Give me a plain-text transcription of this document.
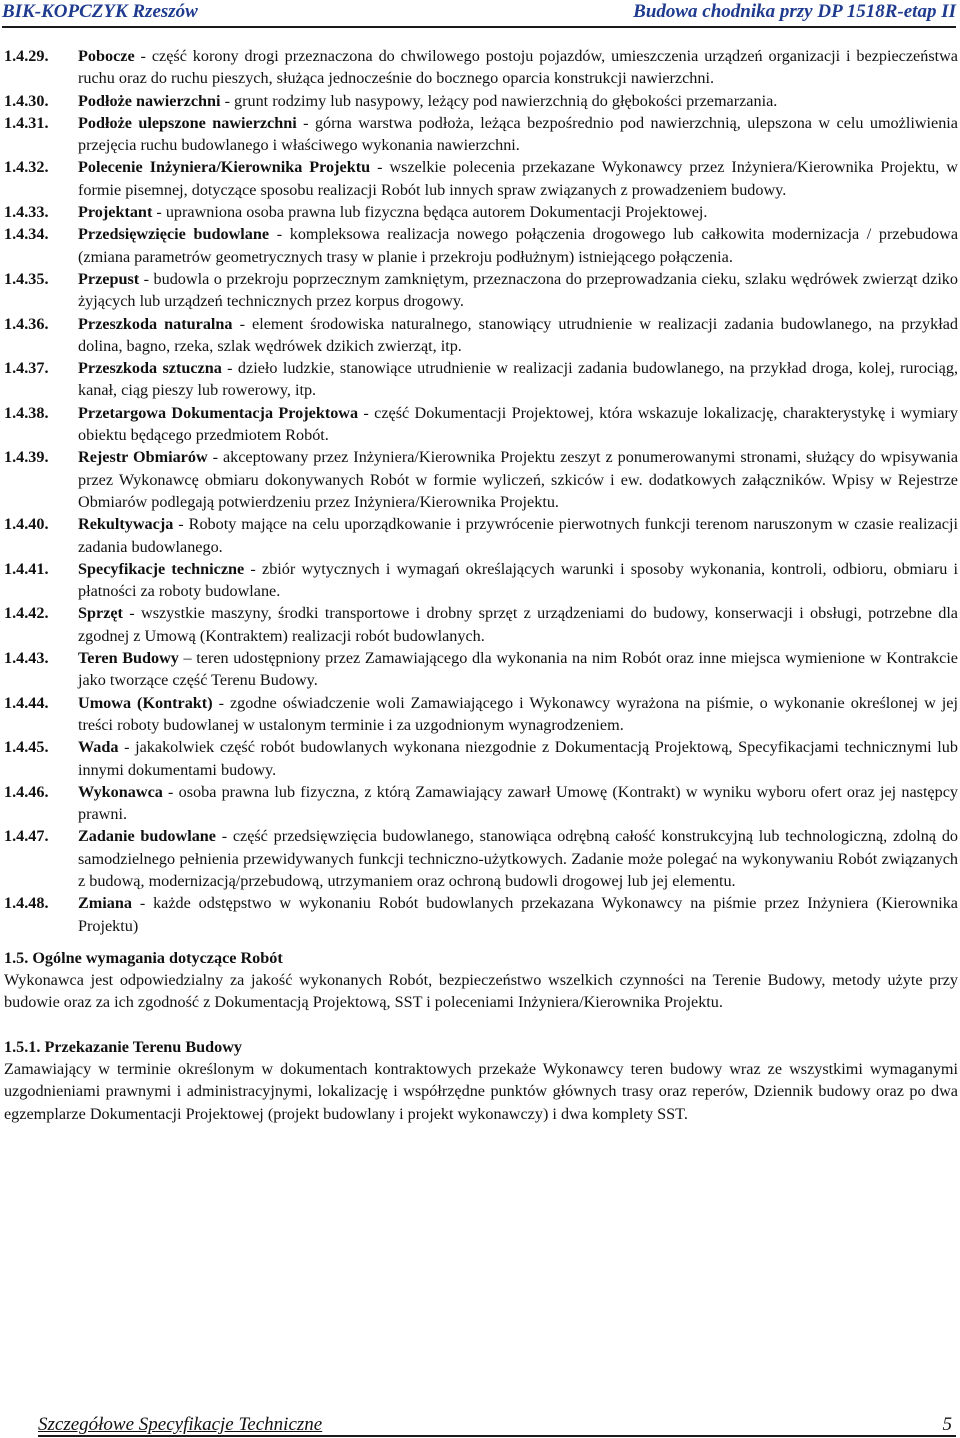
BIK-KOPCZYK Rzeszów	Budowa chodnika przy DP 1518R-etap II
1.4.29.	Pobocze - część korony drogi przeznaczona do chwilowego postoju pojazdów, umieszczenia urządzeń organizacji i bezpieczeństwa ruchu oraz do ruchu pieszych, służąca jednocześnie do bocznego oparcia konstrukcji nawierzchni.
1.4.30.	Podłoże nawierzchni - grunt rodzimy lub nasypowy, leżący pod nawierzchnią do głębokości przemarzania.
1.4.31.	Podłoże ulepszone nawierzchni - górna warstwa podłoża, leżąca bezpośrednio pod nawierzchnią, ulepszona w celu umożliwienia przejęcia ruchu budowlanego i właściwego wykonania nawierzchni.
1.4.32.	Polecenie Inżyniera/Kierownika Projektu - wszelkie polecenia przekazane Wykonawcy przez Inżyniera/Kierownika Projektu, w formie pisemnej, dotyczące sposobu realizacji Robót lub innych spraw związanych z prowadzeniem budowy.
1.4.33.	Projektant - uprawniona osoba prawna lub fizyczna będąca autorem Dokumentacji Projektowej.
1.4.34.	Przedsięwzięcie budowlane - kompleksowa realizacja nowego połączenia drogowego lub całkowita modernizacja / przebudowa (zmiana parametrów geometrycznych trasy w planie i przekroju podłużnym) istniejącego połączenia.
1.4.35.	Przepust - budowla o przekroju poprzecznym zamkniętym, przeznaczona do przeprowadzania cieku, szlaku wędrówek zwierząt dziko żyjących lub urządzeń technicznych przez korpus drogowy.
1.4.36.	Przeszkoda naturalna - element środowiska naturalnego, stanowiący utrudnienie w realizacji zadania budowlanego, na przykład dolina, bagno, rzeka, szlak wędrówek dzikich zwierząt, itp.
1.4.37.	Przeszkoda sztuczna - dzieło ludzkie, stanowiące utrudnienie w realizacji zadania budowlanego, na przykład droga, kolej, rurociąg, kanał, ciąg pieszy lub rowerowy, itp.
1.4.38.	Przetargowa Dokumentacja Projektowa - część Dokumentacji Projektowej, która wskazuje lokalizację, charakterystykę i wymiary obiektu będącego przedmiotem Robót.
1.4.39.	Rejestr Obmiarów - akceptowany przez Inżyniera/Kierownika Projektu zeszyt z ponumerowanymi stronami, służący do wpisywania przez Wykonawcę obmiaru dokonywanych Robót w formie wyliczeń, szkiców i ew. dodatkowych załączników. Wpisy w Rejestrze Obmiarów podlegają potwierdzeniu przez Inżyniera/Kierownika Projektu.
1.4.40.	Rekultywacja - Roboty mające na celu uporządkowanie i przywrócenie pierwotnych funkcji terenom naruszonym w czasie realizacji zadania budowlanego.
1.4.41.	Specyfikacje techniczne - zbiór wytycznych i wymagań określających warunki i sposoby wykonania, kontroli, odbioru, obmiaru i płatności za roboty budowlane.
1.4.42.	Sprzęt - wszystkie maszyny, środki transportowe i drobny sprzęt z urządzeniami do budowy, konserwacji i obsługi, potrzebne dla zgodnej z Umową (Kontraktem) realizacji robót budowlanych.
1.4.43.	Teren Budowy – teren udostępniony przez Zamawiającego dla wykonania na nim Robót oraz inne miejsca wymienione w Kontrakcie jako tworzące część Terenu Budowy.
1.4.44.	Umowa (Kontrakt) - zgodne oświadczenie woli Zamawiającego i Wykonawcy wyrażona na piśmie, o wykonanie określonej w jej treści roboty budowlanej w ustalonym terminie i za uzgodnionym wynagrodzeniem.
1.4.45.	Wada - jakakolwiek część robót budowlanych wykonana niezgodnie z Dokumentacją Projektową, Specyfikacjami technicznymi lub innymi dokumentami budowy.
1.4.46.	Wykonawca - osoba prawna lub fizyczna, z którą Zamawiający zawarł Umowę (Kontrakt) w wyniku wyboru ofert oraz jej następcy prawni.
1.4.47.	Zadanie budowlane - część przedsięwzięcia budowlanego, stanowiąca odrębną całość konstrukcyjną lub technologiczną, zdolną do samodzielnego pełnienia przewidywanych funkcji techniczno-użytkowych. Zadanie może polegać na wykonywaniu Robót związanych z budową, modernizacją/przebudową, utrzymaniem oraz ochroną budowli drogowej lub jej elementu.
1.4.48.	Zmiana - każde odstępstwo w wykonaniu Robót budowlanych przekazana Wykonawcy na piśmie przez Inżyniera (Kierownika Projektu)

1.5. Ogólne wymagania dotyczące Robót

Wykonawca jest odpowiedzialny za jakość wykonanych Robót, bezpieczeństwo wszelkich czynności na Terenie Budowy, metody użyte przy budowie oraz za ich zgodność z Dokumentacją Projektową, SST i poleceniami Inżyniera/Kierownika Projektu.

1.5.1. Przekazanie Terenu Budowy

Zamawiający w terminie określonym w dokumentach kontraktowych przekaże Wykonawcy teren budowy wraz ze wszystkimi wymaganymi uzgodnieniami prawnymi i administracyjnymi, lokalizację i współrzędne punktów głównych trasy oraz reperów, Dziennik budowy oraz po dwa egzemplarze Dokumentacji Projektowej (projekt budowlany i projekt wykonawczy) i dwa komplety SST.

Szczegółowe Specyfikacje Techniczne	5
